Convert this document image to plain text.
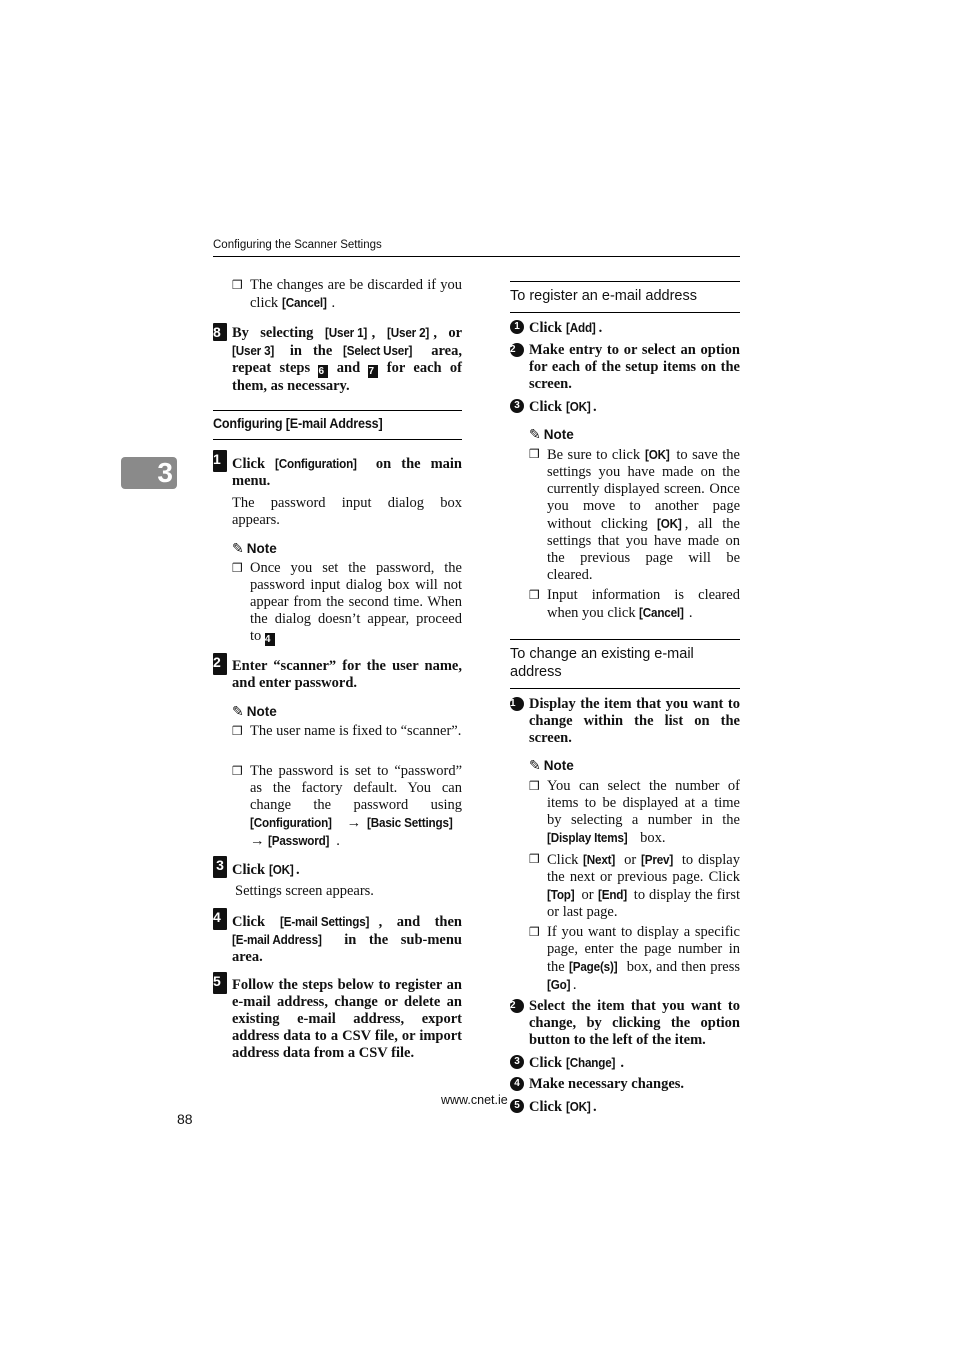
Configuring the Scanner Settings
3
❒ The changes are be discarded if you click [Cancel] .
8 By selecting [User 1] , [User 2] , or [User 3] in the [Select User] area, repeat steps 6 and 7 for each of them, as necessary.
Configuring [E-mail Address]
1 Click [Configuration] on the main menu.
The password input dialog box appears.
✎ Note
❒ Once you set the password, the password input dialog box will not appear from the second time. When the dialog doesn’t appear, proceed to 4
2 Enter “scanner” for the user name, and enter password.
✎ Note
❒ The user name is fixed to “scanner”.
❒ The password is set to “password” as the factory default. You can change the password using [Configuration] → [Basic Settings] → [Password] .
3 Click [OK] .
Settings screen appears.
4 Click [E-mail Settings] , and then [E-mail Address] in the sub-menu area.
5 Follow the steps below to register an e-mail address, change or delete an existing e-mail address, export address data to a CSV file, or import address data from a CSV file.
To register an e-mail address
1 Click [Add] .
2 Make entry to or select an option for each of the setup items on the screen.
3 Click [OK] .
✎ Note
❒ Be sure to click [OK] to save the settings you have made on the currently displayed screen. Once you move to another page without clicking [OK] , all the settings that you have made on the previous page will be cleared.
❒ Input information is cleared when you click [Cancel] .
To change an existing e-mail address
1 Display the item that you want to change within the list on the screen.
✎ Note
❒ You can select the number of items to be displayed at a time by selecting a number in the [Display Items] box.
❒ Click [Next] or [Prev] to display the next or previous page. Click [Top] or [End] to display the first or last page.
❒ If you want to display a specific page, enter the page number in the [Page(s)] box, and then press [Go] .
2 Select the item that you want to change, by clicking the option button to the left of the item.
3 Click [Change] .
4 Make necessary changes.
5 Click [OK] .
www.cnet.ie
88
